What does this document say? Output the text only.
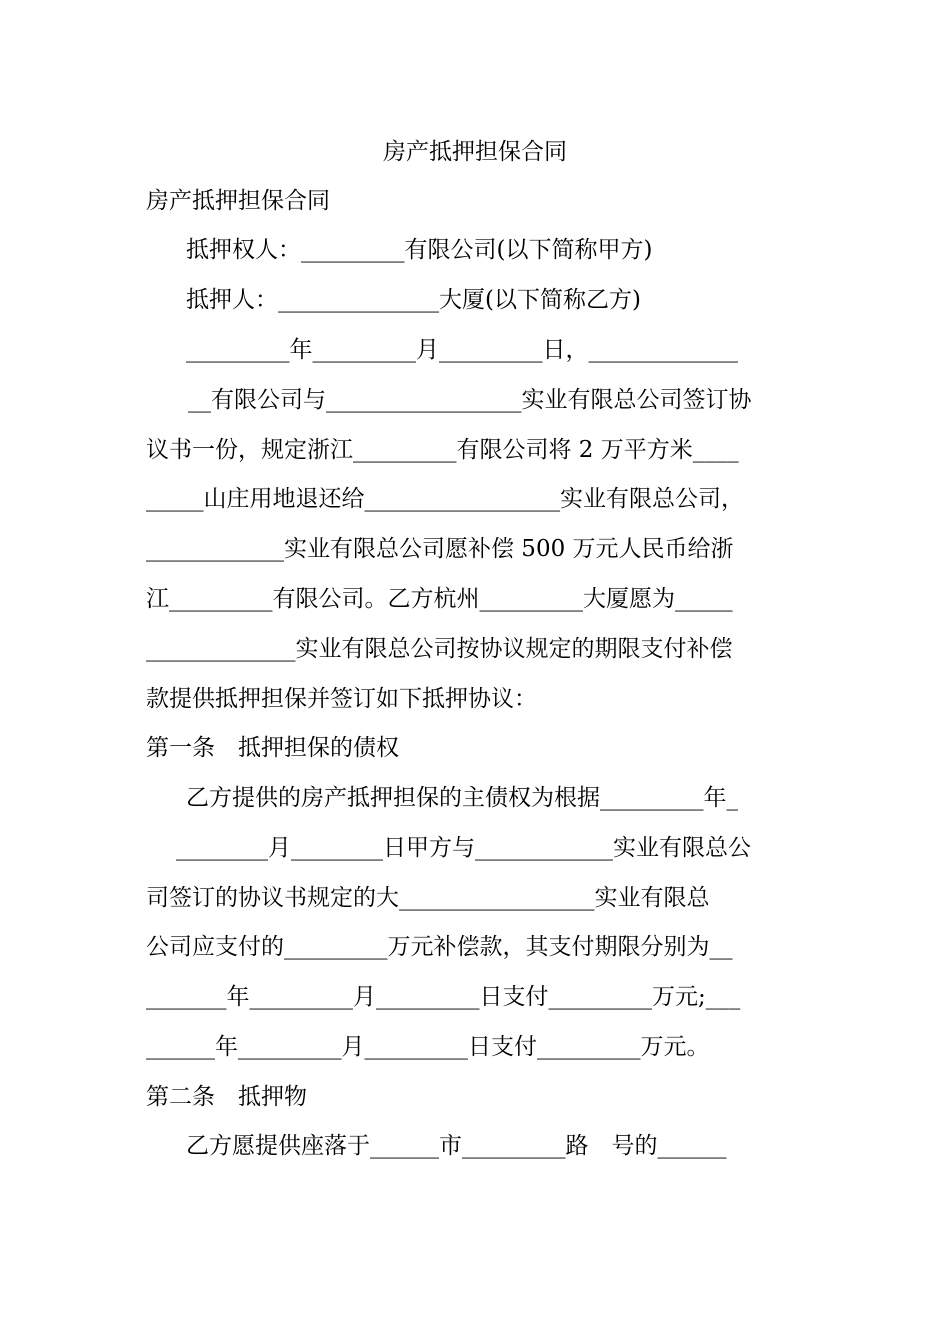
房产抵押担保合同
房产抵押担保合同
抵押权人：_________有限公司(以下简称甲方)
抵押人：______________大厦(以下简称乙方)
_________年_________月_________日，_____________
__有限公司与_________________实业有限总公司签订协
议书一份，规定浙江_________有限公司将 2 万平方米____
_____山庄用地退还给_________________实业有限总公司，
____________实业有限总公司愿补偿 500 万元人民币给浙
江_________有限公司。乙方杭州_________大厦愿为_____
_____________实业有限总公司按协议规定的期限支付补偿
款提供抵押担保并签订如下抵押协议：
第一条　抵押担保的债权
乙方提供的房产抵押担保的主债权为根据_________年_
________月________日甲方与____________实业有限总公
司签订的协议书规定的大_________________实业有限总
公司应支付的_________万元补偿款，其支付期限分别为__
_______年_________月_________日支付_________万元;___
______年_________月_________日支付_________万元。
第二条　抵押物
乙方愿提供座落于______市_________路　号的______
